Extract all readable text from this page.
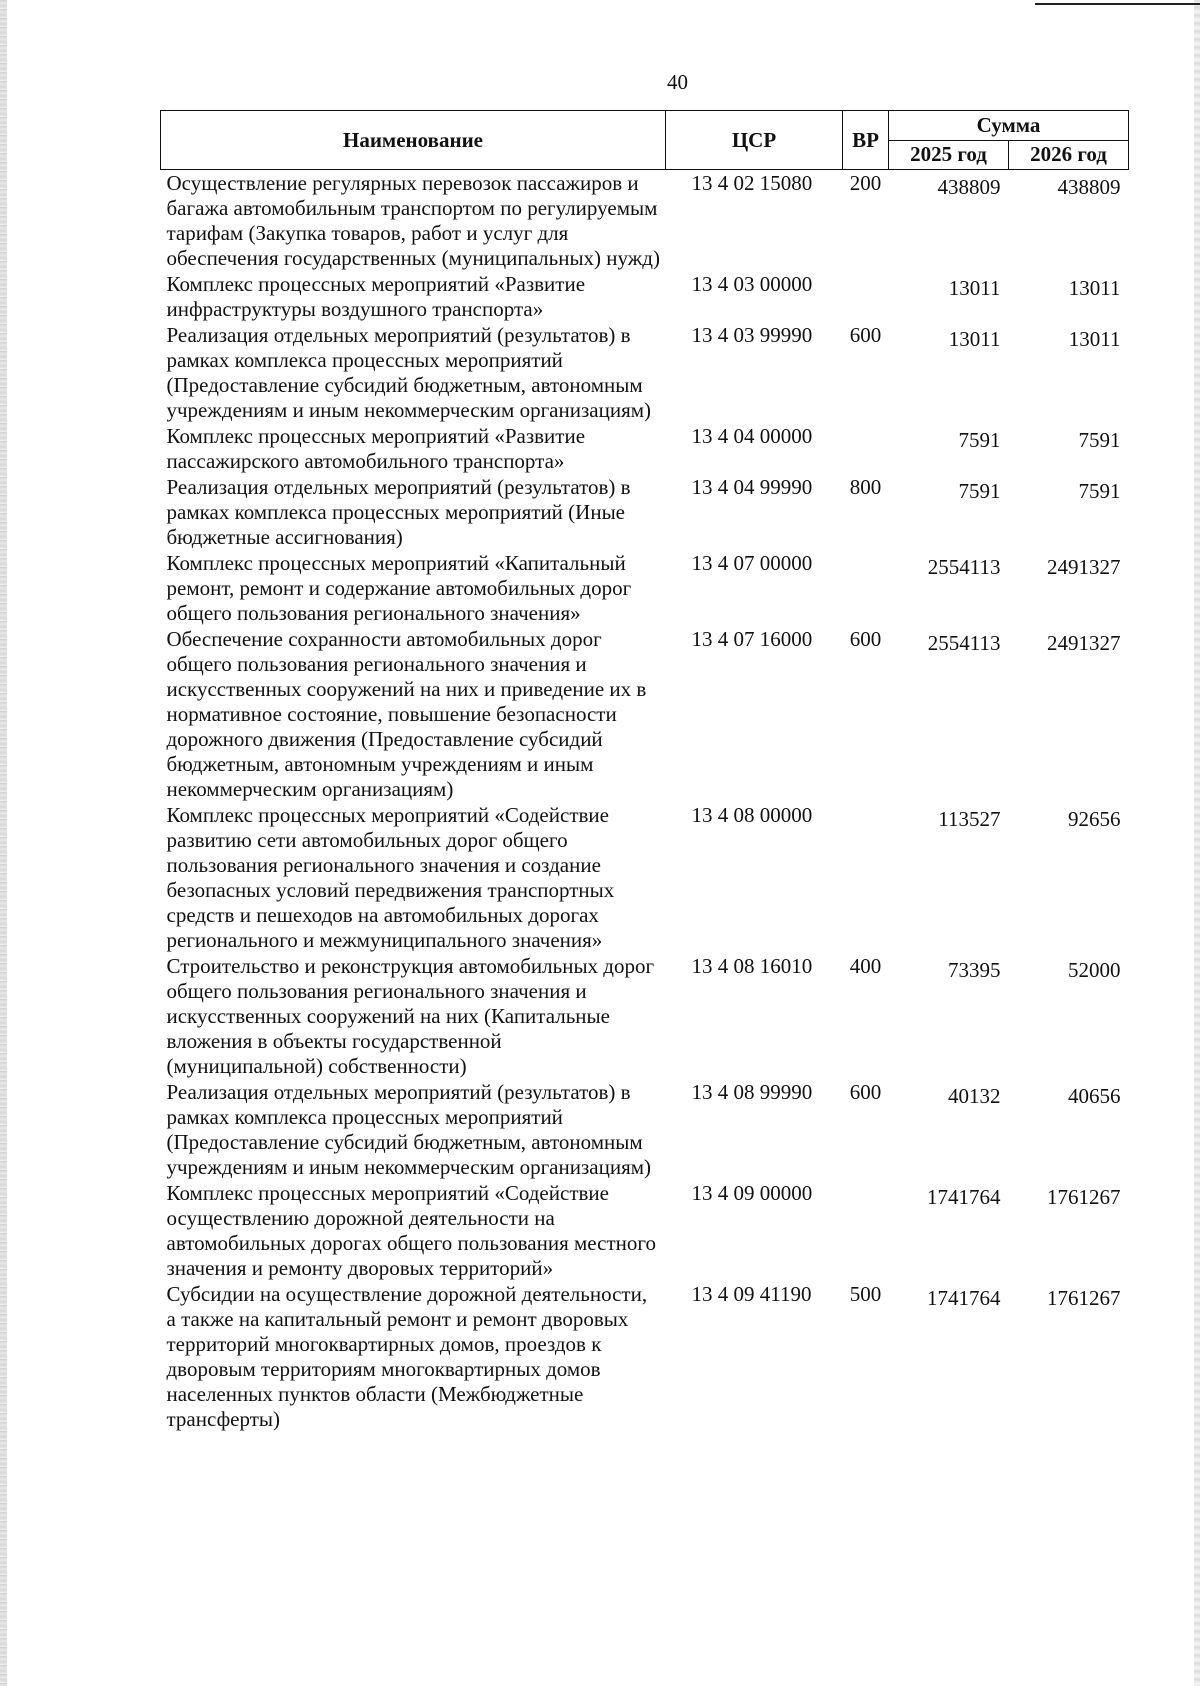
40
Наименование	ЦСР	ВР	Сумма	
			2025 год	2026 год
Осуществление регулярных перевозок пассажиров и багажа автомобильным транспортом по регулируемым тарифам (Закупка товаров, работ и услуг для обеспечения государственных (муниципальных) нужд)	13 4 02 15080	200	438809	438809
Комплекс процессных мероприятий «Развитие инфраструктуры воздушного транспорта»	13 4 03 00000		13011	13011
Реализация отдельных мероприятий (результатов) в рамках комплекса процессных мероприятий (Предоставление субсидий бюджетным, автономным учреждениям и иным некоммерческим организациям)	13 4 03 99990	600	13011	13011
Комплекс процессных мероприятий «Развитие пассажирского автомобильного транспорта»	13 4 04 00000		7591	7591
Реализация отдельных мероприятий (результатов) в рамках комплекса процессных мероприятий (Иные бюджетные ассигнования)	13 4 04 99990	800	7591	7591
Комплекс процессных мероприятий «Капитальный ремонт, ремонт и содержание автомобильных дорог общего пользования регионального значения»	13 4 07 00000		2554113	2491327
Обеспечение сохранности автомобильных дорог общего пользования регионального значения и искусственных сооружений на них и приведение их в нормативное состояние, повышение безопасности дорожного движения (Предоставление субсидий бюджетным, автономным учреждениям и иным некоммерческим организациям)	13 4 07 16000	600	2554113	2491327
Комплекс процессных мероприятий «Содействие развитию сети автомобильных дорог общего пользования регионального значения и создание безопасных условий передвижения транспортных средств и пешеходов на автомобильных дорогах регионального и межмуниципального значения»	13 4 08 00000		113527	92656
Строительство и реконструкция автомобильных дорог общего пользования регионального значения и искусственных сооружений на них (Капитальные вложения в объекты государственной (муниципальной) собственности)	13 4 08 16010	400	73395	52000
Реализация отдельных мероприятий (результатов) в рамках комплекса процессных мероприятий (Предоставление субсидий бюджетным, автономным учреждениям и иным некоммерческим организациям)	13 4 08 99990	600	40132	40656
Комплекс процессных мероприятий «Содействие осуществлению дорожной деятельности на автомобильных дорогах общего пользования местного значения и ремонту дворовых территорий»	13 4 09 00000		1741764	1761267
Субсидии на осуществление дорожной деятельности, а также на капитальный ремонт и ремонт дворовых территорий многоквартирных домов, проездов к дворовым территориям многоквартирных домов населенных пунктов области (Межбюджетные трансферты)	13 4 09 41190	500	1741764	1761267
